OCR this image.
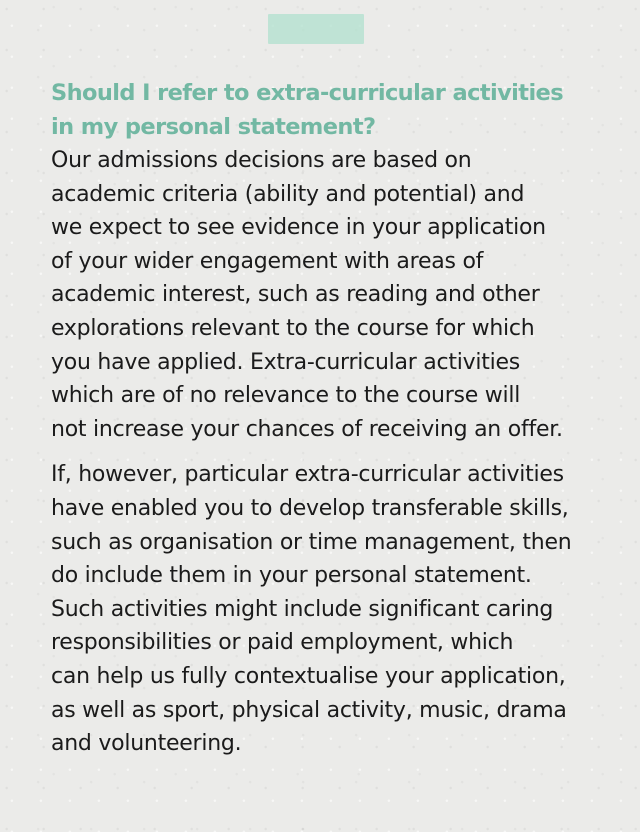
Should I refer to extra-curricular activities
in my personal statement?

Our admissions decisions are based on
academic criteria (ability and potential) and
we expect to see evidence in your application
of your wider engagement with areas of
academic interest, such as reading and other
explorations relevant to the course for which
you have applied. Extra-curricular activities
which are of no relevance to the course will
not increase your chances of receiving an offer.

If, however, particular extra-curricular activities
have enabled you to develop transferable skills,
such as organisation or time management, then
do include them in your personal statement.
Such activities might include significant caring
responsibilities or paid employment, which
can help us fully contextualise your application,
as well as sport, physical activity, music, drama
and volunteering.
